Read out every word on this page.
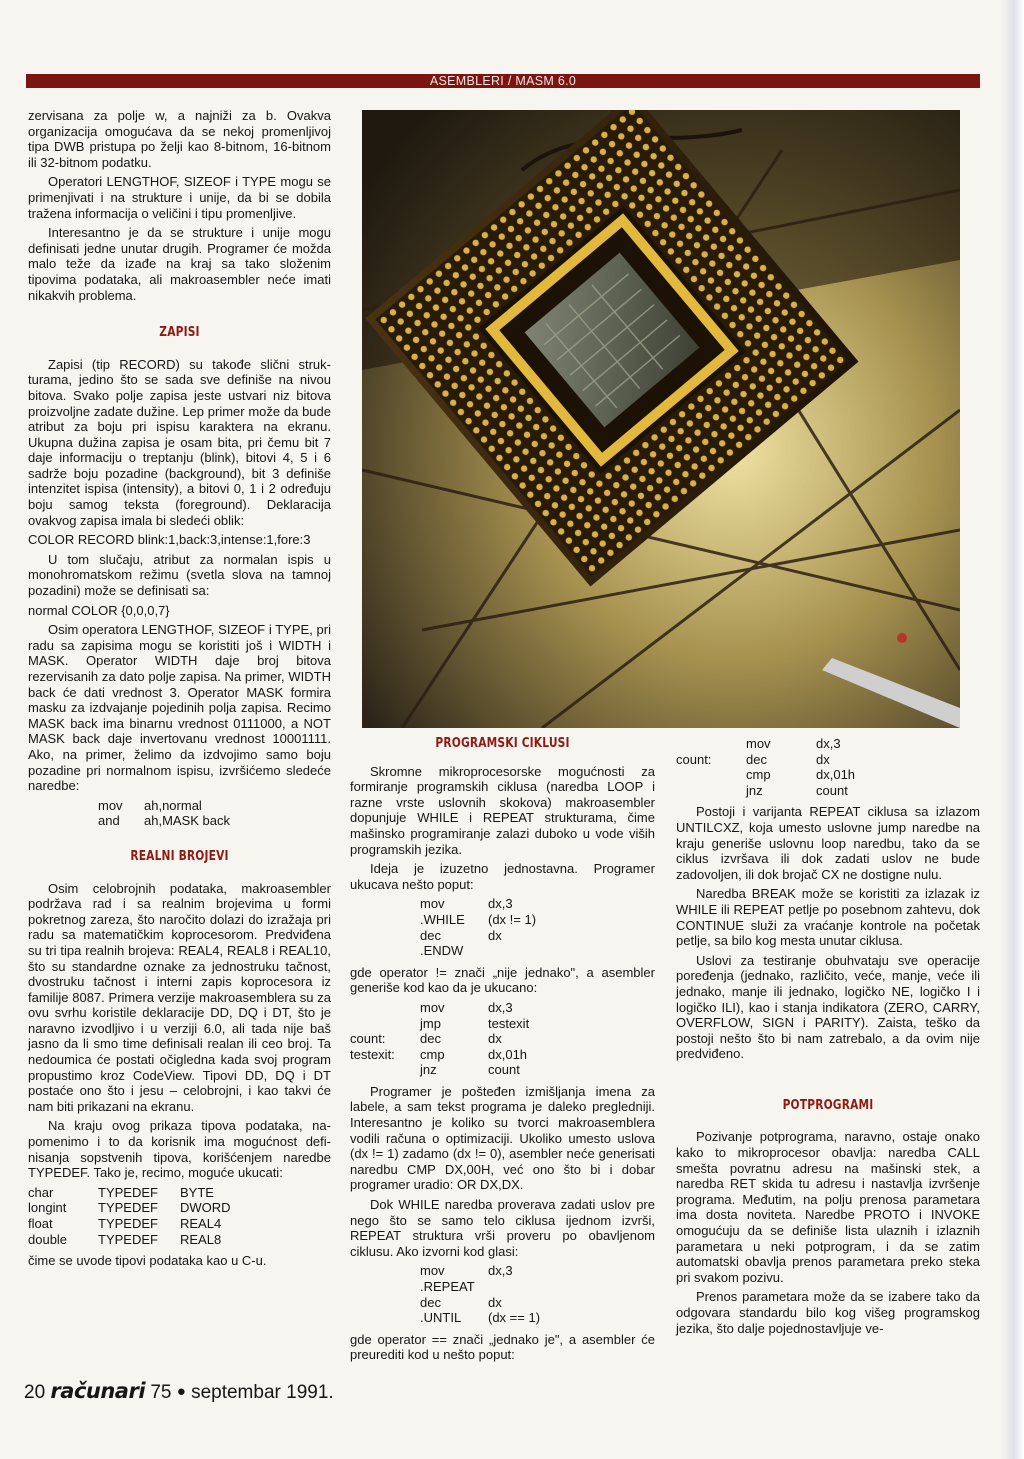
ASEMBLERI / MASM 6.0

zervisana za polje w, a najniži za b. Ovakva organizacija omogućava da se nekoj promenljivoj tipa DWB pristupa po želji kao 8-bitnom, 16-bitnom ili 32-bitnom podatku.

Operatori LENGTHOF, SIZEOF i TYPE mogu se primenjivati i na strukture i unije, da bi se dobila tražena informacija o veličini i tipu promenljive.

Interesantno je da se strukture i unije mogu definisati jedne unutar drugih. Programer će možda malo teže da izađe na kraj sa tako složenim tipovima podataka, ali makroasembler neće imati nikakvih problema.

ZAPISI

Zapisi (tip RECORD) su takođe slični strukturama, jedino što se sada sve definiše na nivou bitova. Svako polje zapisa jeste ustvari niz bitova proizvoljne zadate dužine. Lep primer može da bude atribut za boju pri ispisu karaktera na ekranu. Ukupna dužina zapisa je osam bita, pri čemu bit 7 daje informaciju o treptanju (blink), bitovi 4, 5 i 6 sadrže boju pozadine (background), bit 3 definiše intenzitet ispisa (intensity), a bitovi 0, 1 i 2 određuju boju samog teksta (foreground). Deklaracija ovakvog zapisa imala bi sledeći oblik:

COLOR RECORD blink:1,back:3,intense:1,fore:3

U tom slučaju, atribut za normalan ispis u monohromatskom režimu (svetla slova na tamnoj pozadini) može se definisati sa:

normal COLOR {0,0,0,7}

Osim operatora LENGTHOF, SIZEOF i TYPE, pri radu sa zapisima mogu se koristiti još i WIDTH i MASK. Operator WIDTH daje broj bitova rezervisanih za dato polje zapisa. Na primer, WIDTH back će dati vrednost 3. Operator MASK formira masku za izdvajanje pojedinih polja zapisa. Recimo MASK back ima binarnu vrednost 0111000, a NOT MASK back daje invertovanu vrednost 10001111. Ako, na primer, želimo da izdvojimo samo boju pozadine pri normalnom ispisu, izvršićemo sledeće naredbe:

mov	ah,normal
and	ah,MASK back
REALNI BROJEVI

Osim celobrojnih podataka, makroasembler podržava rad i sa realnim brojevima u formi pokretnog zareza, što naročito dolazi do izražaja pri radu sa matematičkim koprocesorom. Predviđena su tri tipa realnih brojeva: REAL4, REAL8 i REAL10, što su standardne oznake za jednostruku tačnost, dvostruku tačnost i interni zapis koprocesora iz familije 8087. Primera verzije makroasemblera su za ovu svrhu koristile deklaracije DD, DQ i DT, što je naravno izvodljivo i u verziji 6.0, ali tada nije baš jasno da li smo time definisali realan ili ceo broj. Ta nedoumica će postati očigledna kada svoj program propustimo kroz CodeView. Tipovi DD, DQ i DT postaće ono što i jesu – celobrojni, i kao takvi će nam biti prikazani na ekranu.

Na kraju ovog prikaza tipova podataka, napomenimo i to da korisnik ima mogućnost definisanja sopstvenih tipova, korišćenjem naredbe TYPEDEF. Tako je, recimo, moguće ukucati:

char	TYPEDEF	BYTE
longint	TYPEDEF	DWORD
float	TYPEDEF	REAL4
double	TYPEDEF	REAL8

čime se uvode tipovi podataka kao u C-u.

PROGRAMSKI CIKLUSI

Skromne mikroprocesorske mogućnosti za formiranje programskih ciklusa (naredba LOOP i razne vrste uslovnih skokova) makroasembler dopunjuje WHILE i REPEAT strukturama, čime mašinsko programiranje zalazi duboko u vode viših programskih jezika.

Ideja je izuzetno jednostavna. Programer ukucava nešto poput:

mov	dx,3
.WHILE	(dx != 1)
dec	dx
.ENDW

gde operator != znači „nije jednako", a asembler generiše kod kao da je ukucano:

mov	dx,3
jmp	testexit
count:	dec	dx
testexit:	cmp	dx,01h
jnz	count

Programer je pošteđen izmišljanja imena za labele, a sam tekst programa je daleko pregledniji. Interesantno je koliko su tvorci makroasemblera vodili računa o optimizaciji. Ukoliko umesto uslova (dx != 1) zadamo (dx != 0), asembler neće generisati naredbu CMP DX,00H, već ono što bi i dobar programer uradio: OR DX,DX.

Dok WHILE naredba proverava zadati uslov pre nego što se samo telo ciklusa ijednom izvrši, REPEAT struktura vrši proveru po obavljenom ciklusu. Ako izvorni kod glasi:

mov	dx,3
.REPEAT
dec	dx
.UNTIL	(dx == 1)

gde operator == znači „jednako je", a asembler će preurediti kod u nešto poput:

mov	dx,3
count:	dec	dx
cmp	dx,01h
jnz	count

Postoji i varijanta REPEAT ciklusa sa izlazom UNTILCXZ, koja umesto uslovne jump naredbe na kraju generiše uslovnu loop naredbu, tako da se ciklus izvršava ili dok zadati uslov ne bude zadovoljen, ili dok brojač CX ne dostigne nulu.

Naredba BREAK može se koristiti za izlazak iz WHILE ili REPEAT petlje po posebnom zahtevu, dok CONTINUE služi za vraćanje kontrole na početak petlje, sa bilo kog mesta unutar ciklusa.

Uslovi za testiranje obuhvataju sve operacije poređenja (jednako, različito, veće, manje, veće ili jednako, manje ili jednako, logičko NE, logičko I i logičko ILI), kao i stanja indikatora (ZERO, CARRY, OVERFLOW, SIGN i PARITY). Zaista, teško da postoji nešto što bi nam zatrebalo, a da ovim nije predviđeno.

POTPROGRAMI

Pozivanje potprograma, naravno, ostaje onako kako to mikroprocesor obavlja: naredba CALL smešta povratnu adresu na mašinski stek, a naredba RET skida tu adresu i nastavlja izvršenje programa. Međutim, na polju prenosa parametara ima dosta noviteta. Naredbe PROTO i INVOKE omogućuju da se definiše lista ulaznih i izlaznih parametara u neki potprogram, i da se zatim automatski obavlja prenos parametara preko steka pri svakom pozivu.

Prenos parametara može da se izabere tako da odgovara standardu bilo kog višeg programskog jezika, što dalje pojednostavljuje ve-

20 računari 75 ● septembar 1991.
